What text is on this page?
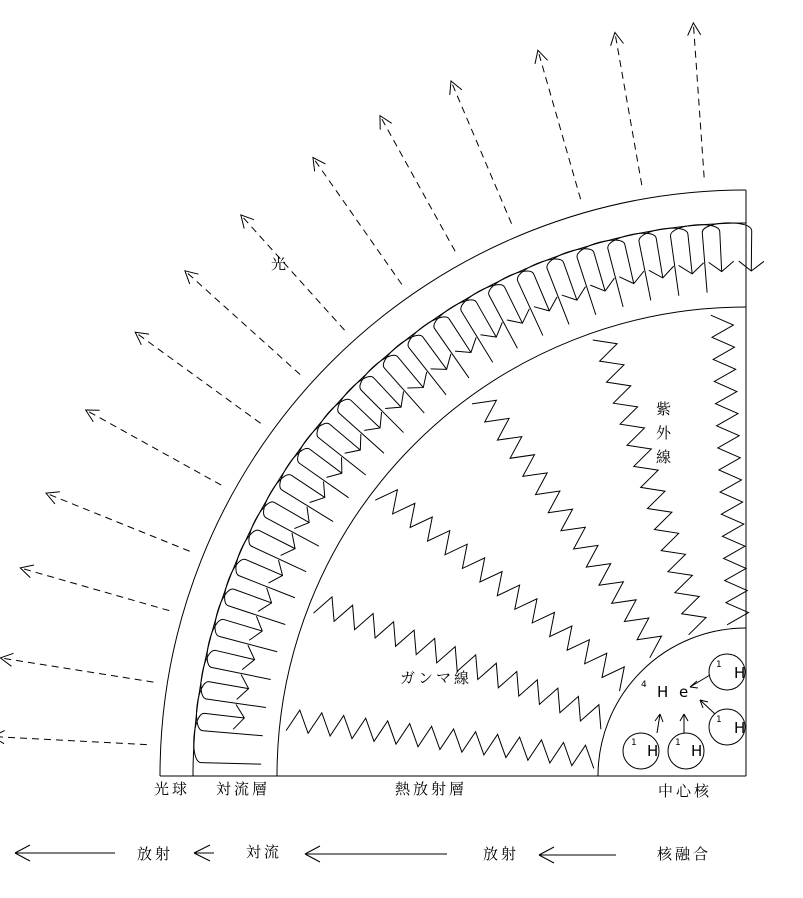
1 H
1 H
1 H 1 H
4 H e
光
ガンマ線
紫外線
光球 対流層	熱放射層	中心核
放射	対流	放射	核融合
